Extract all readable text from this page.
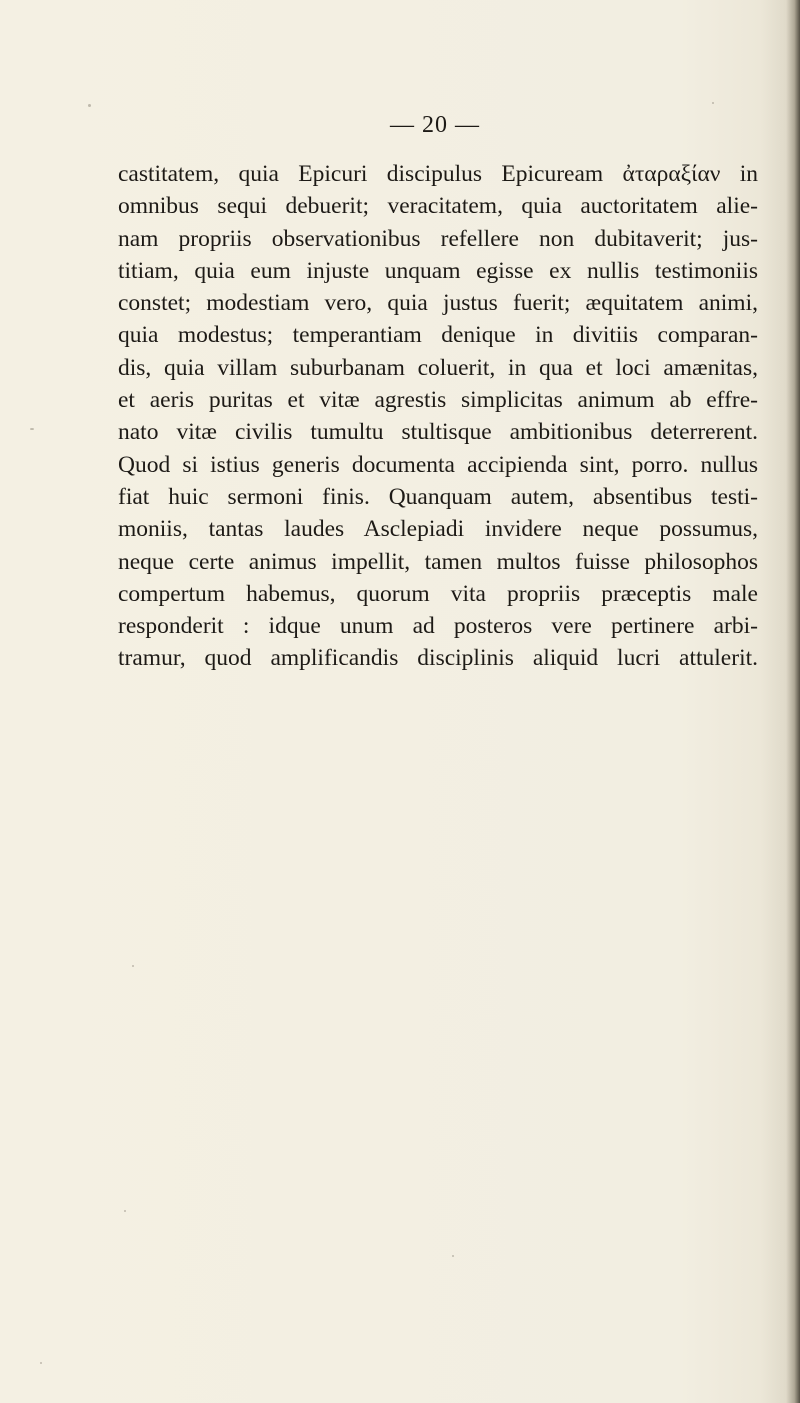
— 20 —
castitatem, quia Epicuri discipulus Epicuream ἀταραξίαν in
omnibus sequi debuerit; veracitatem, quia auctoritatem alie-
nam propriis observationibus refellere non dubitaverit; jus-
titiam, quia eum injuste unquam egisse ex nullis testimoniis
constet; modestiam vero, quia justus fuerit; æquitatem animi,
quia modestus; temperantiam denique in divitiis comparan-
dis, quia villam suburbanam coluerit, in qua et loci amænitas,
et aeris puritas et vitæ agrestis simplicitas animum ab effre-
nato vitæ civilis tumultu stultisque ambitionibus deterrerent.
Quod si istius generis documenta accipienda sint, porro. nullus
fiat huic sermoni finis. Quanquam autem, absentibus testi-
moniis, tantas laudes Asclepiadi invidere neque possumus,
neque certe animus impellit, tamen multos fuisse philosophos
compertum habemus, quorum vita propriis præceptis male
responderit : idque unum ad posteros vere pertinere arbi-
tramur, quod amplificandis disciplinis aliquid lucri attulerit.
